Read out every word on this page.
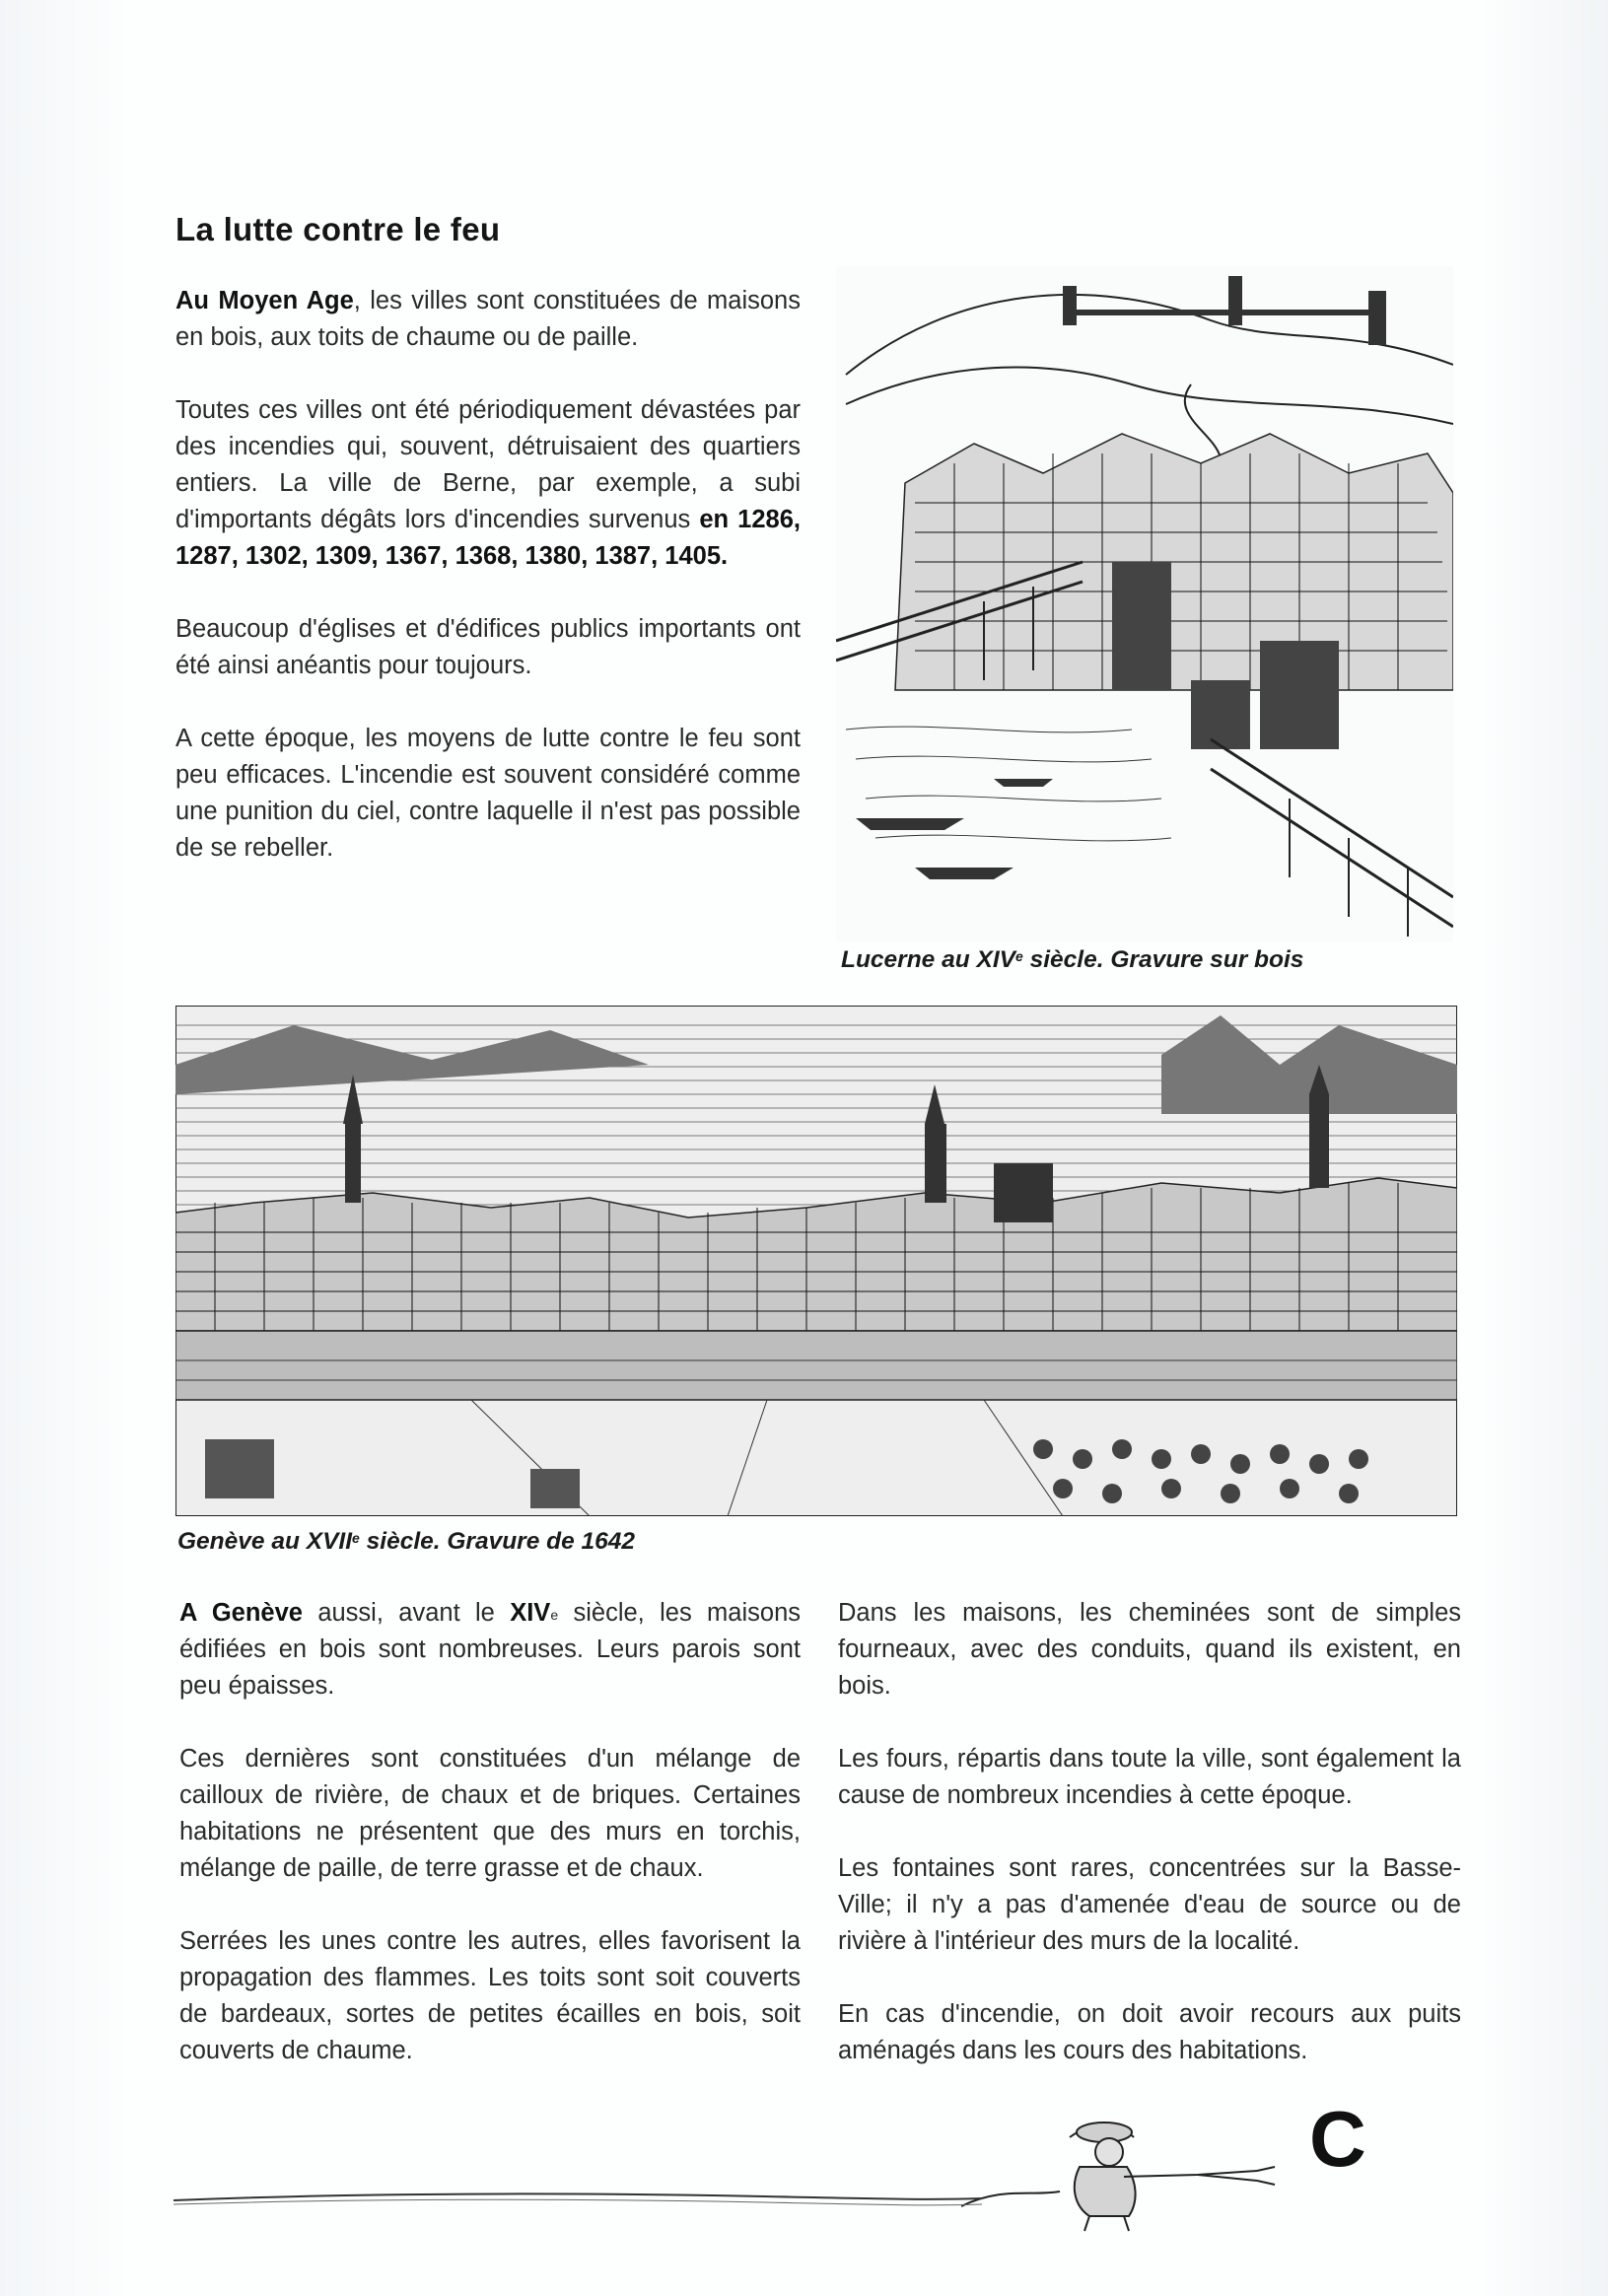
La lutte contre le feu

Au Moyen Age, les villes sont constituées de maisons en bois, aux toits de chaume ou de paille.

Toutes ces villes ont été périodiquement dévastées par des incendies qui, souvent, détruisaient des quartiers entiers. La ville de Berne, par exemple, a subi d'importants dégâts lors d'incendies survenus en 1286, 1287, 1302, 1309, 1367, 1368, 1380, 1387, 1405.

Beaucoup d'églises et d'édifices publics importants ont été ainsi anéantis pour toujours.

A cette époque, les moyens de lutte contre le feu sont peu efficaces. L'incendie est souvent considéré comme une punition du ciel, contre laquelle il n'est pas possible de se rebeller.

Lucerne au XIVe siècle. Gravure sur bois
Genève au XVIIe siècle. Gravure de 1642

A Genève aussi, avant le XIVe siècle, les maisons édifiées en bois sont nombreuses. Leurs parois sont peu épaisses.

Ces dernières sont constituées d'un mélange de cailloux de rivière, de chaux et de briques. Certaines habitations ne présentent que des murs en torchis, mélange de paille, de terre grasse et de chaux.

Serrées les unes contre les autres, elles favorisent la propagation des flammes. Les toits sont soit couverts de bardeaux, sortes de petites écailles en bois, soit couverts de chaume.

Dans les maisons, les cheminées sont de simples fourneaux, avec des conduits, quand ils existent, en bois.

Les fours, répartis dans toute la ville, sont également la cause de nombreux incendies à cette époque.

Les fontaines sont rares, concentrées sur la Basse-Ville; il n'y a pas d'amenée d'eau de source ou de rivière à l'intérieur des murs de la localité.

En cas d'incendie, on doit avoir recours aux puits aménagés dans les cours des habitations.

C
